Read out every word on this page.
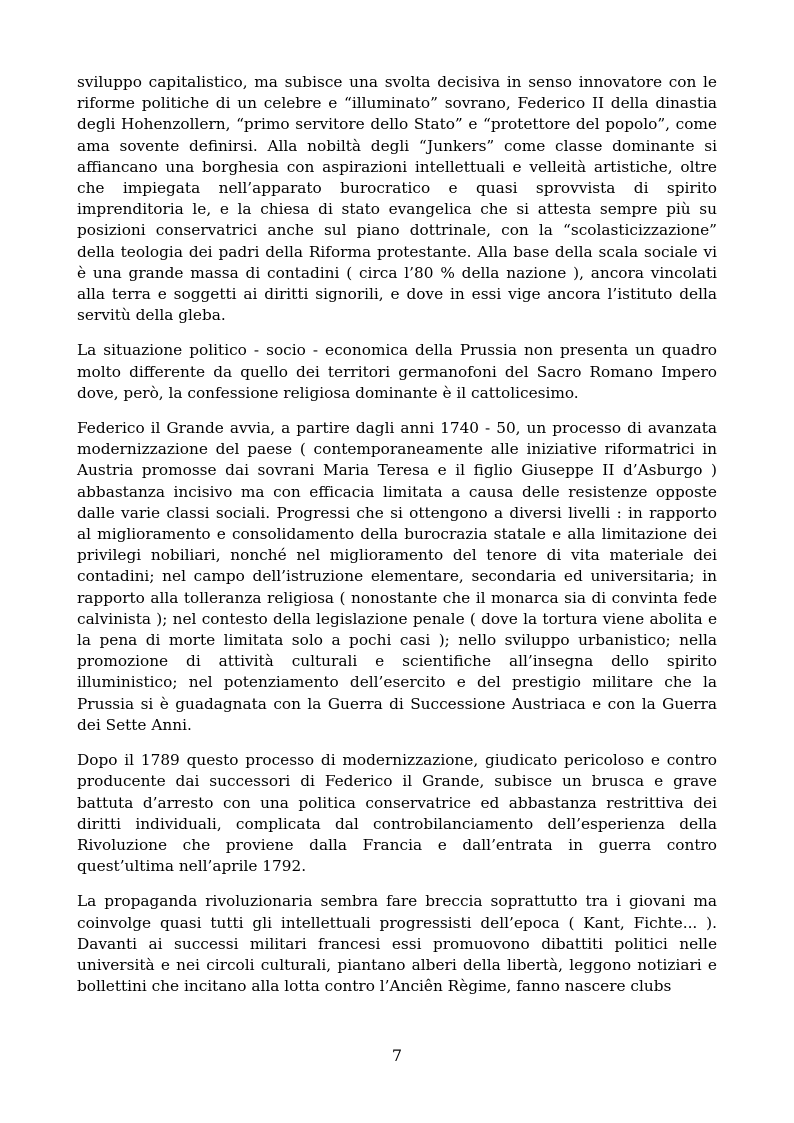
sviluppo capitalistico, ma subisce una svolta decisiva in senso innovatore con le riforme politiche di un celebre e “illuminato” sovrano, Federico II della dinastia degli Hohenzollern, “primo servitore dello Stato” e “protettore del popolo”, come ama sovente definirsi. Alla nobiltà degli “Junkers” come classe dominante si affiancano una borghesia con aspirazioni intellettuali e velleità artistiche, oltre che impiegata nell’apparato burocratico e quasi sprovvista di spirito imprenditoria le, e la chiesa di stato evangelica che si attesta sempre più su posizioni conservatrici anche sul piano dottrinale, con la “scolasticizzazione” della teologia dei padri della Riforma protestante. Alla base della scala sociale vi è una grande massa di contadini ( circa l’80 % della nazione ), ancora vincolati alla terra e soggetti ai diritti signorili, e dove in essi vige ancora l’istituto della servitù della gleba.

La situazione politico - socio - economica della Prussia non presenta un quadro molto differente da quello dei territori germanofoni del Sacro Romano Impero dove, però, la confessione religiosa dominante è il cattolicesimo.

Federico il Grande avvia, a partire dagli anni 1740 - 50, un processo di avanzata modernizzazione del paese ( contemporaneamente alle iniziative riformatrici in Austria promosse dai sovrani Maria Teresa e il figlio Giuseppe II d’Asburgo ) abbastanza incisivo ma con efficacia limitata a causa delle resistenze opposte dalle varie classi sociali. Progressi che si ottengono a diversi livelli : in rapporto al miglioramento e consolidamento della burocrazia statale e alla limitazione dei privilegi nobiliari, nonché nel miglioramento del tenore di vita materiale dei contadini; nel campo dell’istruzione elementare, secondaria ed universitaria; in rapporto alla tolleranza religiosa ( nonostante che il monarca sia di convinta fede calvinista ); nel contesto della legislazione penale ( dove la tortura viene abolita e la pena di morte limitata solo a pochi casi ); nello sviluppo urbanistico; nella promozione di attività culturali e scientifiche all’insegna dello spirito illuministico; nel potenziamento dell’esercito e del prestigio militare che la Prussia si è guadagnata con la Guerra di Successione Austriaca e con la Guerra dei Sette Anni.

Dopo il 1789 questo processo di modernizzazione, giudicato pericoloso e contro producente dai successori di Federico il Grande, subisce un brusca e grave battuta d’arresto con una politica conservatrice ed abbastanza restrittiva dei diritti individuali, complicata dal controbilanciamento dell’esperienza della Rivoluzione che proviene dalla Francia e dall’entrata in guerra contro quest’ultima nell’aprile 1792.

La propaganda rivoluzionaria sembra fare breccia soprattutto tra i giovani ma coinvolge quasi tutti gli intellettuali progressisti dell’epoca ( Kant, Fichte... ). Davanti ai successi militari francesi essi promuovono dibattiti politici nelle università e nei circoli culturali, piantano alberi della libertà, leggono notiziari e bollettini che incitano alla lotta contro l’Anciên Règime, fanno nascere clubs

7
